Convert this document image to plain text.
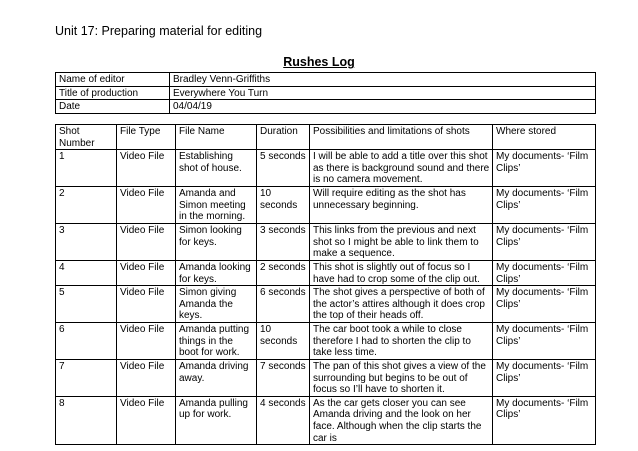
Unit 17: Preparing material for editing
Rushes Log
Name of editor	Bradley Venn-Griffiths
Title of production	Everywhere You Turn
Date	04/04/19
Shot Number	File Type	File Name	Duration	Possibilities and limitations of shots	Where stored
1	Video File	Establishing shot of house.	5 seconds	I will be able to add a title over this shot as there is background sound and there is no camera movement.	My documents- ‘Film Clips’
2	Video File	Amanda and Simon meeting in the morning.	10 seconds	Will require editing as the shot has unnecessary beginning.	My documents- ‘Film Clips’
3	Video File	Simon looking for keys.	3 seconds	This links from the previous and next shot so I might be able to link them to make a sequence.	My documents- ‘Film Clips’
4	Video File	Amanda looking for keys.	2 seconds	This shot is slightly out of focus so I have had to crop some of the clip out.	My documents- ‘Film Clips’
5	Video File	Simon giving Amanda the keys.	6 seconds	The shot gives a perspective of both of the actor’s attires although it does crop the top of their heads off.	My documents- ‘Film Clips’
6	Video File	Amanda putting things in the boot for work.	10 seconds	The car boot took a while to close therefore I had to shorten the clip to take less time.	My documents- ‘Film Clips’
7	Video File	Amanda driving away.	7 seconds	The pan of this shot gives a view of the surrounding but begins to be out of focus so I’ll have to shorten it.	My documents- ‘Film Clips’
8	Video File	Amanda pulling up for work.	4 seconds	As the car gets closer you can see Amanda driving and the look on her face. Although when the clip starts the car is	My documents- ‘Film Clips’
